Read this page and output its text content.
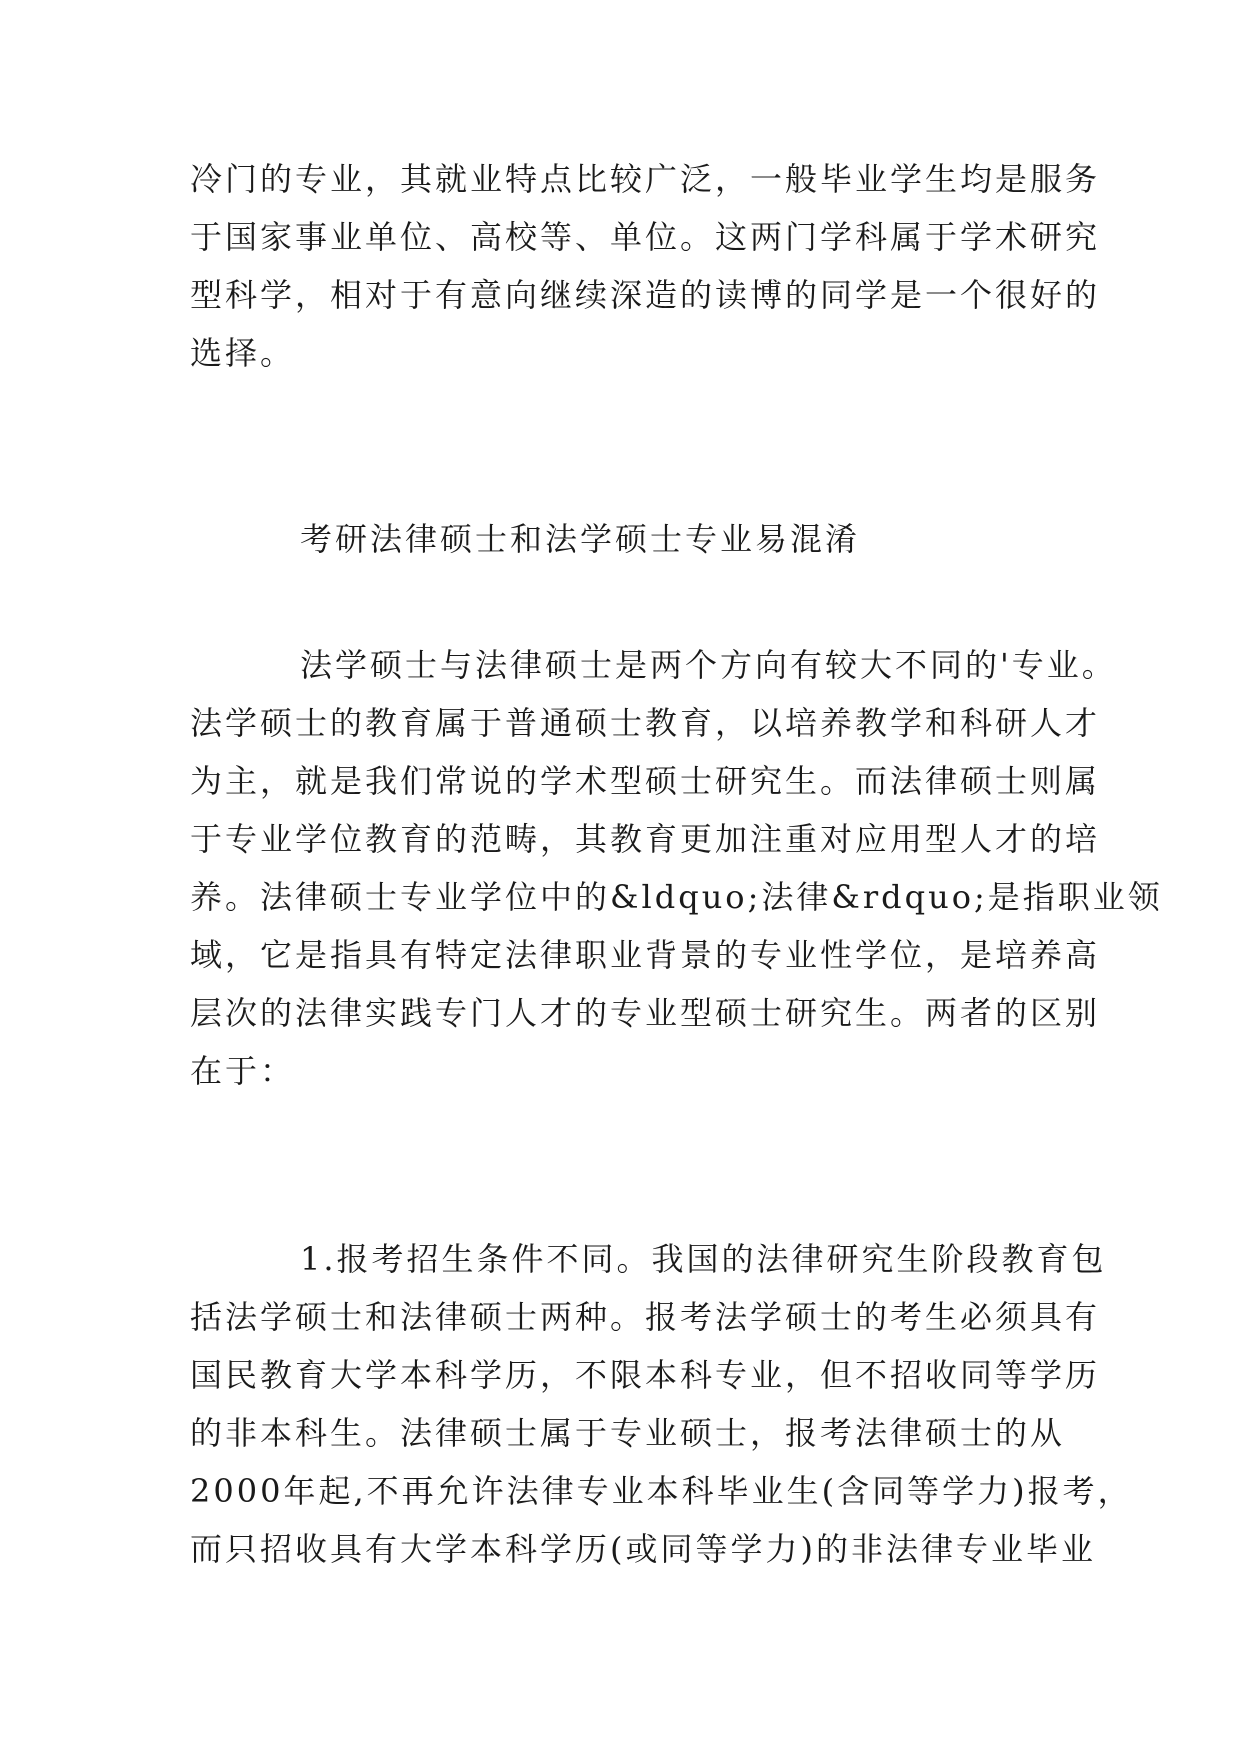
冷门的专业，其就业特点比较广泛，一般毕业学生均是服务
于国家事业单位、高校等、单位。这两门学科属于学术研究
型科学，相对于有意向继续深造的读博的同学是一个很好的
选择。
考研法律硕士和法学硕士专业易混淆
法学硕士与法律硕士是两个方向有较大不同的'专业。
法学硕士的教育属于普通硕士教育，以培养教学和科研人才
为主，就是我们常说的学术型硕士研究生。而法律硕士则属
于专业学位教育的范畴，其教育更加注重对应用型人才的培
养。法律硕士专业学位中的&ldquo;法律&rdquo;是指职业领
域，它是指具有特定法律职业背景的专业性学位，是培养高
层次的法律实践专门人才的专业型硕士研究生。两者的区别
在于：
1.报考招生条件不同。我国的法律研究生阶段教育包
括法学硕士和法律硕士两种。报考法学硕士的考生必须具有
国民教育大学本科学历，不限本科专业，但不招收同等学历
的非本科生。法律硕士属于专业硕士，报考法律硕士的从
2000年起,不再允许法律专业本科毕业生(含同等学力)报考，
而只招收具有大学本科学历(或同等学力)的非法律专业毕业
